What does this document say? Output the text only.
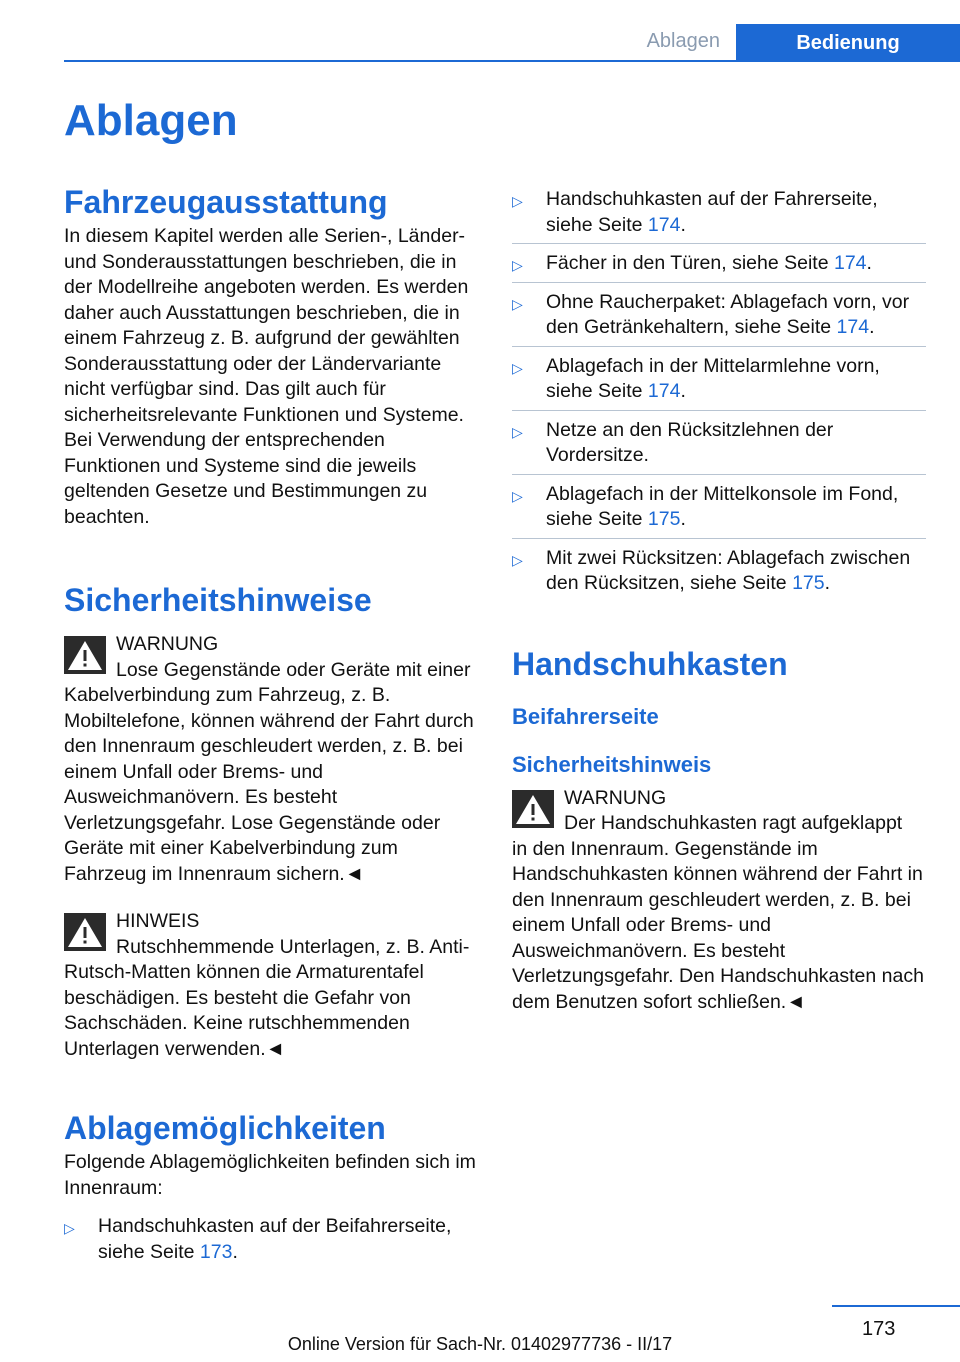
Ablagen	Bedienung
Ablagen
Fahrzeugausstattung

In diesem Kapitel werden alle Serien-, Länder- und Sonderausstattungen beschrieben, die in der Modellreihe angeboten werden. Es werden daher auch Ausstattungen beschrieben, die in einem Fahrzeug z. B. aufgrund der gewählten Sonderausstattung oder der Ländervariante nicht verfügbar sind. Das gilt auch für sicherheitsrelevante Funktionen und Systeme. Bei Verwendung der entsprechenden Funktionen und Systeme sind die jeweils geltenden Gesetze und Bestimmungen zu beachten.

Sicherheitshinweise
WARNUNG
Lose Gegenstände oder Geräte mit einer
Kabelverbindung zum Fahrzeug, z. B. Mobiltelefone, können während der Fahrt durch den Innenraum geschleudert werden, z. B. bei einem Unfall oder Brems- und Ausweichmanövern. Es besteht Verletzungsgefahr. Lose Gegenstände oder Geräte mit einer Kabelverbindung zum Fahrzeug im Innenraum sichern.◄
HINWEIS
Rutschhemmende Unterlagen, z. B. Anti-
Rutsch-Matten können die Armaturentafel beschädigen. Es besteht die Gefahr von Sachschäden. Keine rutschhemmenden Unterlagen verwenden.◄
Ablagemöglichkeiten

Folgende Ablagemöglichkeiten befinden sich im Innenraum:

▷ Handschuhkasten auf der Beifahrerseite, siehe Seite 173.
▷ Handschuhkasten auf der Fahrerseite, siehe Seite 174.
▷ Fächer in den Türen, siehe Seite 174.
▷ Ohne Raucherpaket: Ablagefach vorn, vor den Getränkehaltern, siehe Seite 174.
▷ Ablagefach in der Mittelarmlehne vorn, siehe Seite 174.
▷ Netze an den Rücksitzlehnen der Vordersitze.
▷ Ablagefach in der Mittelkonsole im Fond, siehe Seite 175.
▷ Mit zwei Rücksitzen: Ablagefach zwischen den Rücksitzen, siehe Seite 175.
Handschuhkasten
Beifahrerseite
Sicherheitshinweis
WARNUNG
Der Handschuhkasten ragt aufgeklappt
in den Innenraum. Gegenstände im Handschuhkasten können während der Fahrt in den Innenraum geschleudert werden, z. B. bei einem Unfall oder Brems- und Ausweichmanövern. Es besteht Verletzungsgefahr. Den Handschuhkasten nach dem Benutzen sofort schließen.◄
173
Online Version für Sach-Nr. 01402977736 - II/17
